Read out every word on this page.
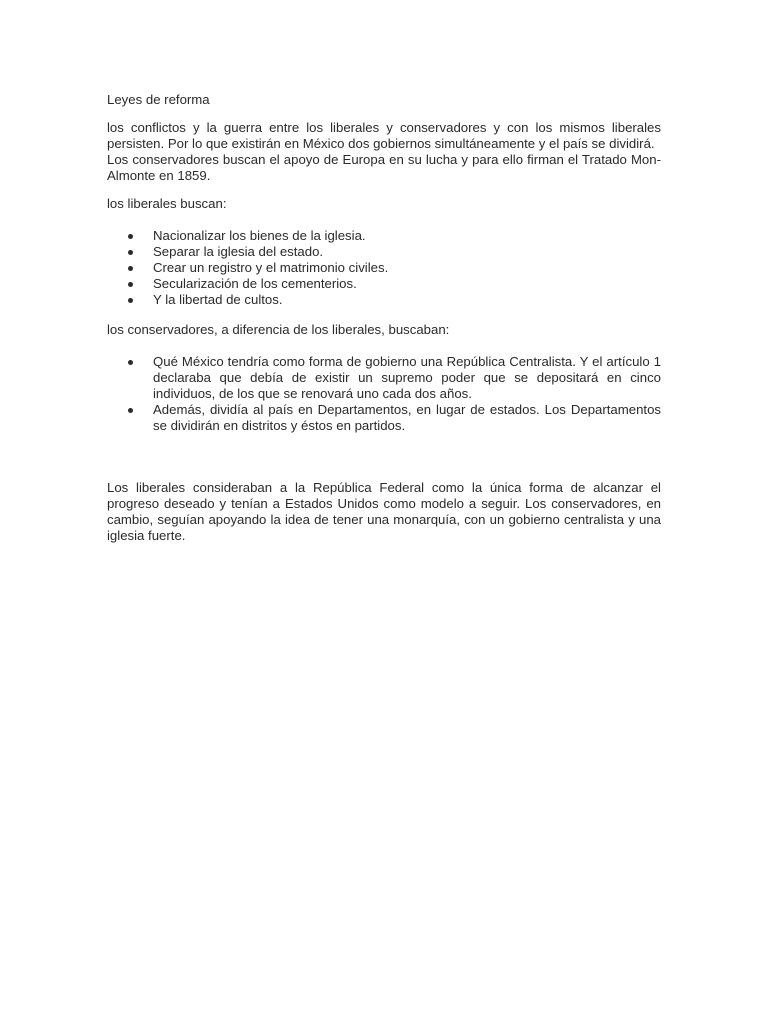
Leyes de reforma

los conflictos y la guerra entre los liberales y conservadores y con los mismos liberales persisten. Por lo que existirán en México dos gobiernos simultáneamente y el país se dividirá.

Los conservadores buscan el apoyo de Europa en su lucha y para ello firman el Tratado Mon-Almonte en 1859.

los liberales buscan:

Nacionalizar los bienes de la iglesia.
Separar la iglesia del estado.
Crear un registro y el matrimonio civiles.
Secularización de los cementerios.
Y la libertad de cultos.

los conservadores, a diferencia de los liberales, buscaban:

Qué México tendría como forma de gobierno una República Centralista. Y el artículo 1 declaraba que debía de existir un supremo poder que se depositará en cinco individuos, de los que se renovará uno cada dos años.
Además, dividía al país en Departamentos, en lugar de estados. Los Departamentos se dividirán en distritos y éstos en partidos.

Los liberales consideraban a la República Federal como la única forma de alcanzar el progreso deseado y tenían a Estados Unidos como modelo a seguir. Los conservadores, en cambio, seguían apoyando la idea de tener una monarquía, con un gobierno centralista y una iglesia fuerte.
